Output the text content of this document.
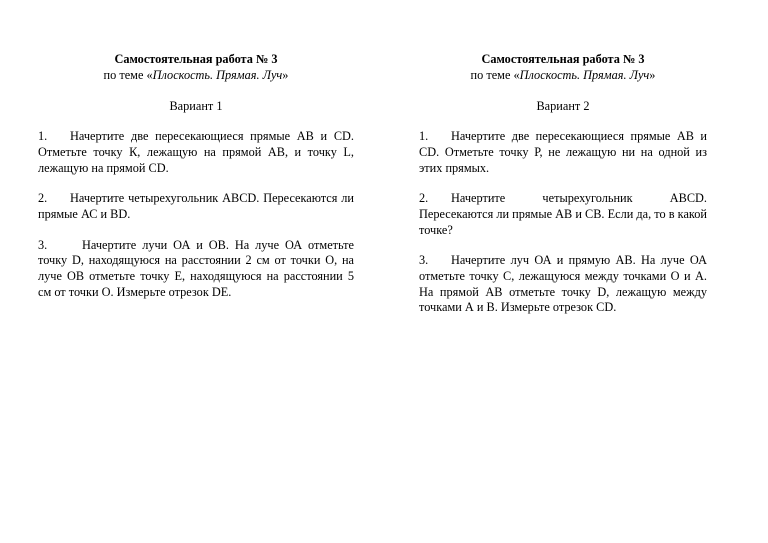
Самостоятельная работа № 3

по теме «Плоскость. Прямая. Луч»

Вариант 1

1. Начертите две пересекающиеся прямые АВ и CD. Отметьте точку К, лежащую на прямой АВ, и точку L, лежащую на прямой CD.

2. Начертите четырехугольник ABCD. Пересекаются ли прямые АС и BD.

3.	Начертите лучи ОА и ОВ. На луче ОА отметьте точку D, находящуюся на расстоянии 2 см от точки О, на луче ОВ отметьте точку Е, находящуюся на расстоянии 5 см от точки О. Измерьте отрезок DE.

Самостоятельная работа № 3

по теме «Плоскость. Прямая. Луч»

Вариант 2

1. Начертите две пересекающиеся прямые АВ и CD. Отметьте точку Р, не лежащую ни на одной из этих прямых.

2. Начертите четырехугольник ABCD. Пересекаются ли прямые АВ и СВ. Если да, то в какой точке?

3. Начертите луч ОА и прямую АВ. На луче ОА отметьте точку С, лежащуюся между точками О и А. На прямой АВ отметьте точку D, лежащую между точками А и В. Измерьте отрезок CD.
